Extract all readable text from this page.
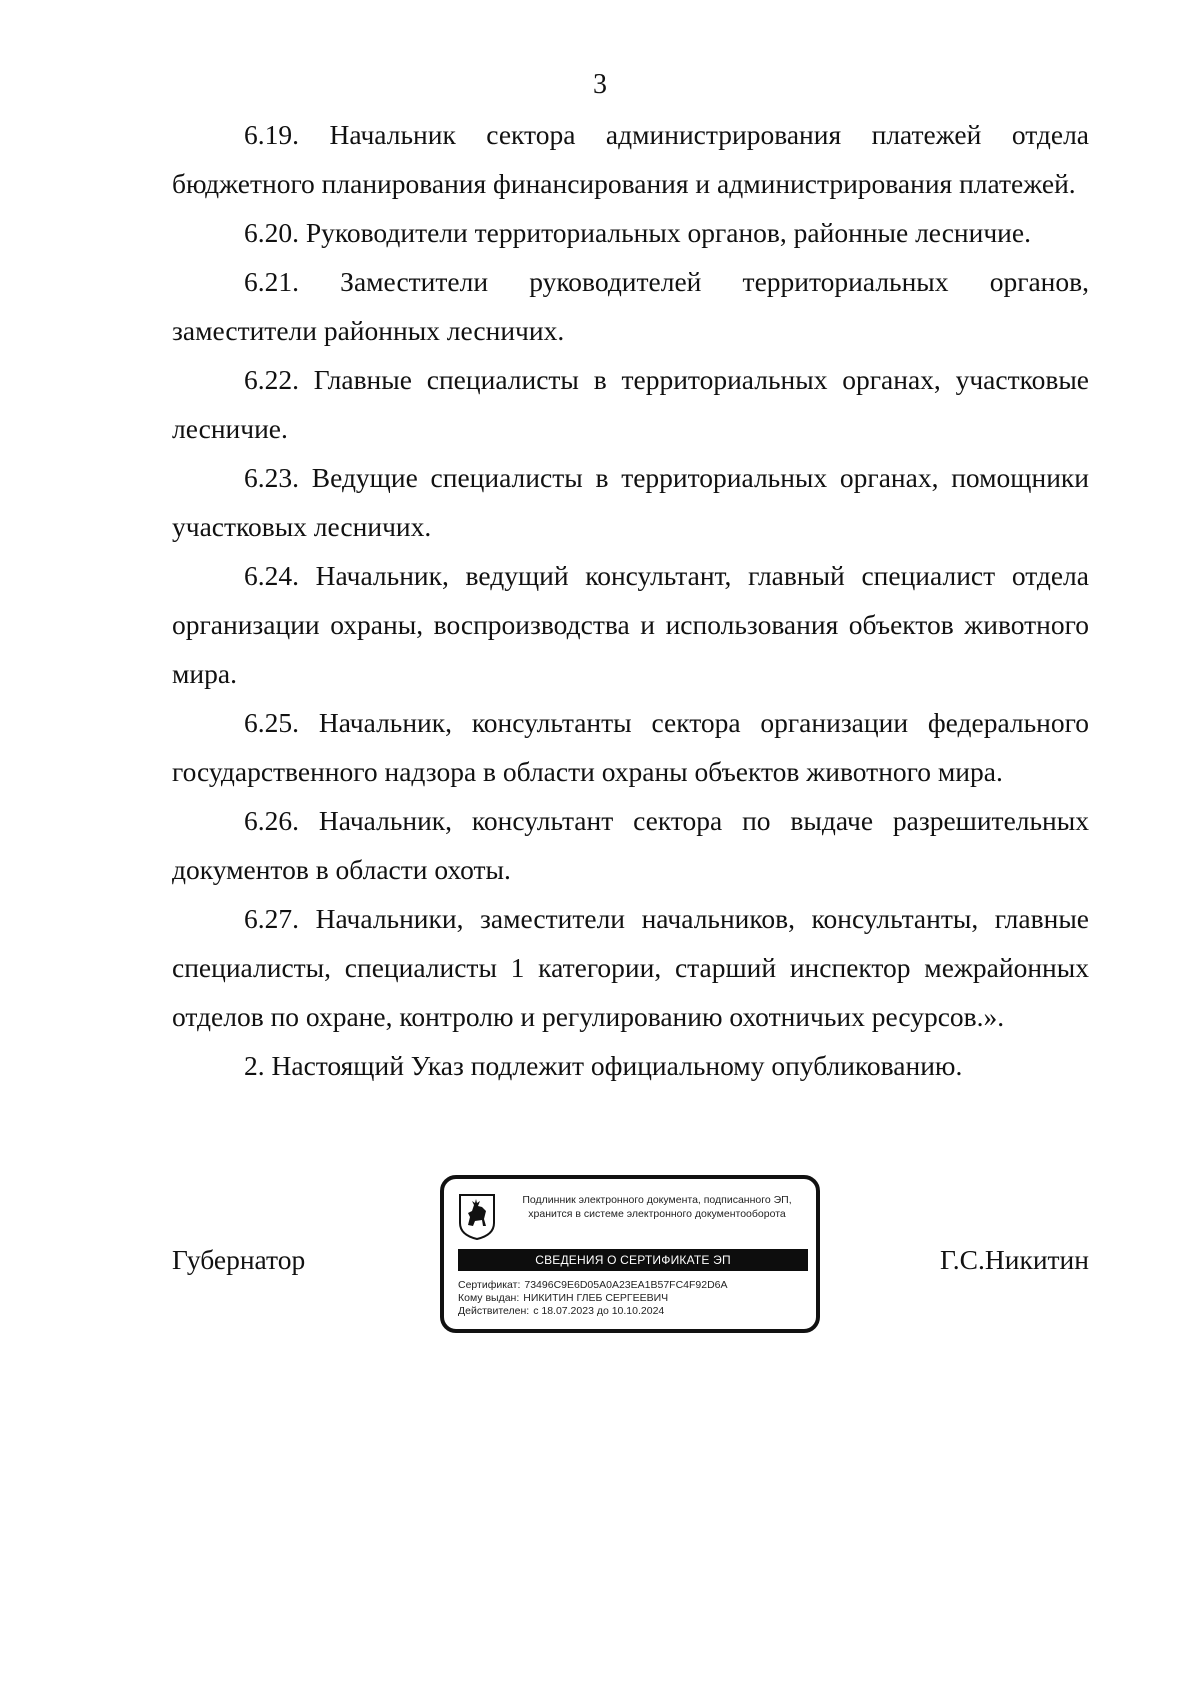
3

6.19. Начальник сектора администрирования платежей отдела бюджетного планирования финансирования и администрирования платежей.

6.20. Руководители территориальных органов, районные лесничие.

6.21. Заместители руководителей территориальных органов, заместители районных лесничих.

6.22. Главные специалисты в территориальных органах, участковые лесничие.

6.23. Ведущие специалисты в территориальных органах, помощники участковых лесничих.

6.24. Начальник, ведущий консультант, главный специалист отдела организации охраны, воспроизводства и использования объектов животного мира.

6.25. Начальник, консультанты сектора организации федерального государственного надзора в области охраны объектов животного мира.

6.26. Начальник, консультант сектора по выдаче разрешительных документов в области охоты.

6.27. Начальники, заместители начальников, консультанты, главные специалисты, специалисты 1 категории, старший инспектор межрайонных отделов по охране, контролю и регулированию охотничьих ресурсов.».

2. Настоящий Указ подлежит официальному опубликованию.

Губернатор
Подлинник электронного документа, подписанного ЭП,
хранится в системе электронного документооборота
СВЕДЕНИЯ О СЕРТИФИКАТЕ ЭП
Сертификат: 73496C9E6D05A0A23EA1B57FC4F92D6A
Кому выдан: НИКИТИН ГЛЕБ СЕРГЕЕВИЧ
Действителен: с 18.07.2023 до 10.10.2024
Г.С.Никитин
